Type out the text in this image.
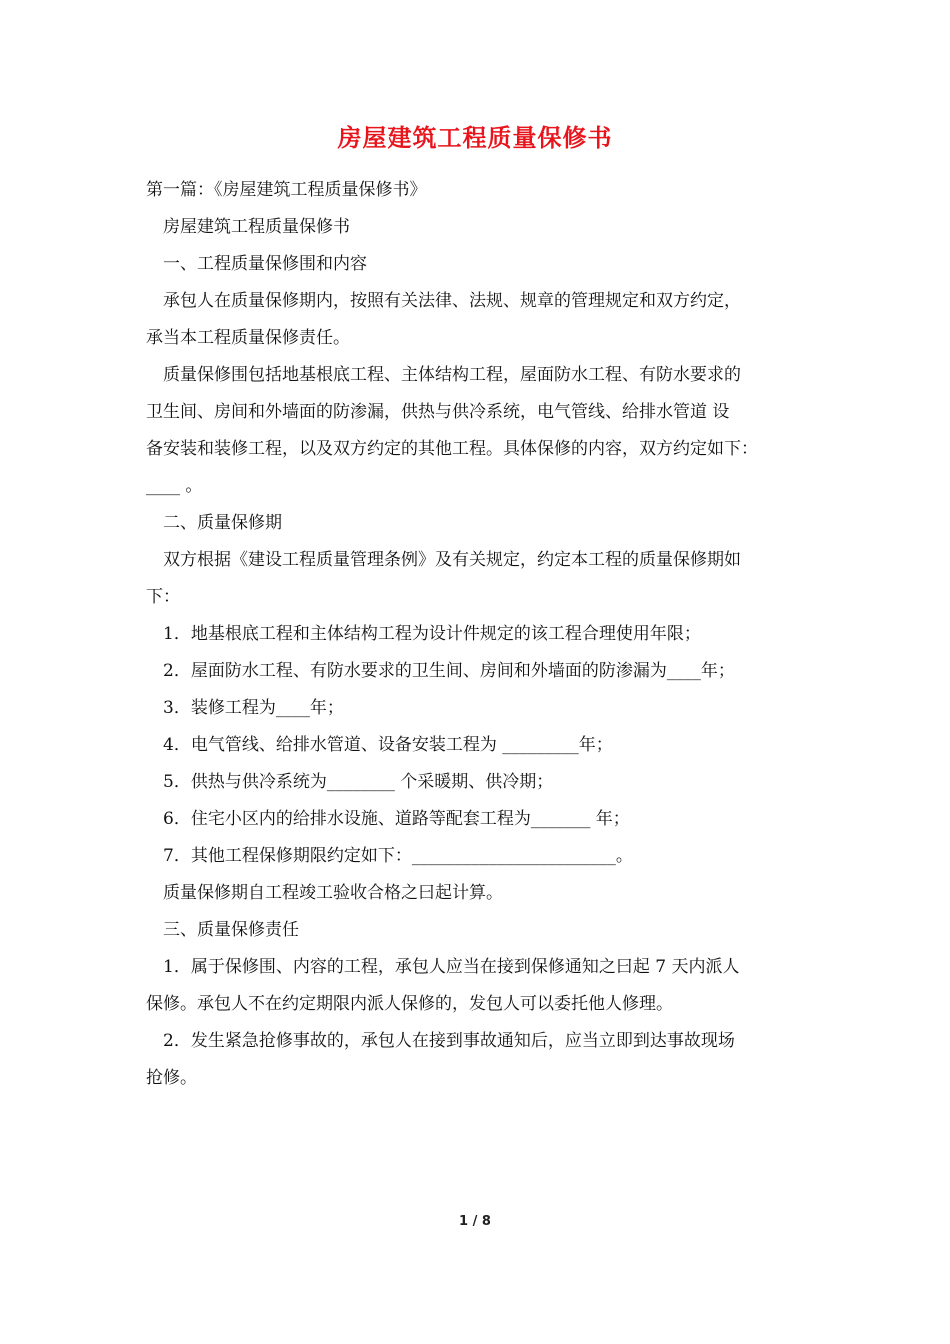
房屋建筑工程质量保修书
第一篇：《房屋建筑工程质量保修书》
房屋建筑工程质量保修书
一、工程质量保修围和内容
承包人在质量保修期内，按照有关法律、法规、规章的管理规定和双方约定，
承当本工程质量保修责任。
质量保修围包括地基根底工程、主体结构工程，屋面防水工程、有防水要求的
卫生间、房间和外墙面的防渗漏，供热与供冷系统，电气管线、给排水管道 设
备安装和装修工程，以及双方约定的其他工程。具体保修的内容，双方约定如下：
____ 。
二、质量保修期
双方根据《建设工程质量管理条例》及有关规定，约定本工程的质量保修期如
下：
1．地基根底工程和主体结构工程为设计件规定的该工程合理使用年限；
2．屋面防水工程、有防水要求的卫生间、房间和外墙面的防渗漏为____年；
3．装修工程为____年；
4．电气管线、给排水管道、设备安装工程为 _________年；
5．供热与供冷系统为________ 个采暖期、供冷期；
6．住宅小区内的给排水设施、道路等配套工程为_______ 年；
7．其他工程保修期限约定如下：________________________。
质量保修期自工程竣工验收合格之曰起计算。
三、质量保修责任
1．属于保修围、内容的工程，承包人应当在接到保修通知之曰起 7 天内派人
保修。承包人不在约定期限内派人保修的，发包人可以委托他人修理。
2．发生紧急抢修事故的，承包人在接到事故通知后，应当立即到达事故现场
抢修。
1 / 8
